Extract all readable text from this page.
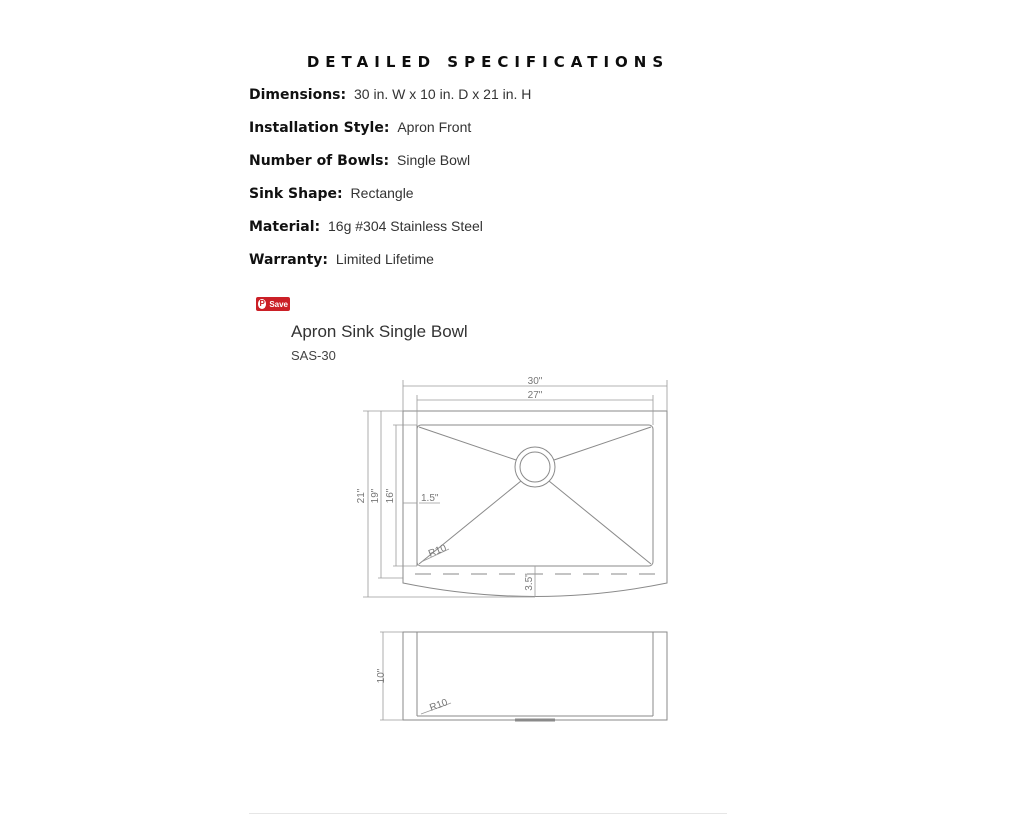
DETAILED SPECIFICATIONS
Dimensions: 30 in. W x 10 in. D x 21 in. H
Installation Style: Apron Front
Number of Bowls: Single Bowl
Sink Shape: Rectangle
Material: 16g #304 Stainless Steel
Warranty: Limited Lifetime
P Save
Apron Sink Single Bowl
SAS-30
30"
27"
21" 19" 16"	1.5"
R10
3.5"
10"
R10
